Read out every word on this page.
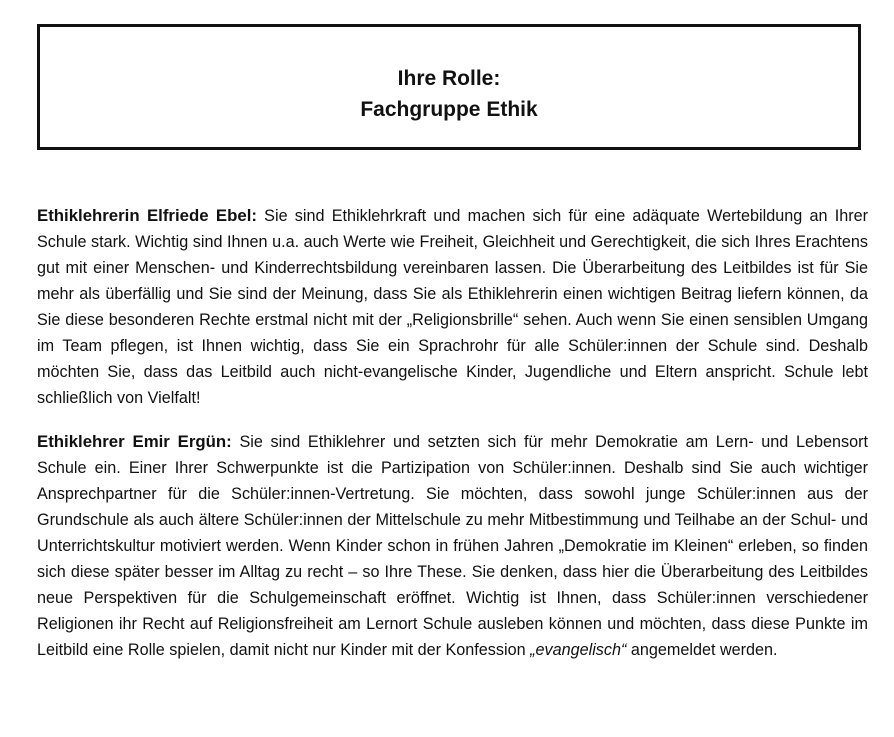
Ihre Rolle:
Fachgruppe Ethik
Ethiklehrerin Elfriede Ebel: Sie sind Ethiklehrkraft und machen sich für eine adäquate Wertebildung an Ihrer Schule stark. Wichtig sind Ihnen u.a. auch Werte wie Freiheit, Gleichheit und Gerechtigkeit, die sich Ihres Erachtens gut mit einer Menschen- und Kinderrechtsbildung vereinbaren lassen. Die Überarbeitung des Leitbildes ist für Sie mehr als überfällig und Sie sind der Meinung, dass Sie als Ethiklehrerin einen wichtigen Beitrag liefern können, da Sie diese besonderen Rechte erstmal nicht mit der „Religionsbrille“ sehen. Auch wenn Sie einen sensiblen Umgang im Team pflegen, ist Ihnen wichtig, dass Sie ein Sprachrohr für alle Schüler:innen der Schule sind. Deshalb möchten Sie, dass das Leitbild auch nicht-evangelische Kinder, Jugendliche und Eltern anspricht. Schule lebt schließlich von Vielfalt!
Ethiklehrer Emir Ergün: Sie sind Ethiklehrer und setzten sich für mehr Demokratie am Lern- und Lebensort Schule ein. Einer Ihrer Schwerpunkte ist die Partizipation von Schüler:innen. Deshalb sind Sie auch wichtiger Ansprechpartner für die Schüler:innen-Vertretung. Sie möchten, dass sowohl junge Schüler:innen aus der Grundschule als auch ältere Schüler:innen der Mittelschule zu mehr Mitbestimmung und Teilhabe an der Schul- und Unterrichtskultur motiviert werden. Wenn Kinder schon in frühen Jahren „Demokratie im Kleinen“ erleben, so finden sich diese später besser im Alltag zu recht – so Ihre These. Sie denken, dass hier die Überarbeitung des Leitbildes neue Perspektiven für die Schulgemeinschaft eröffnet. Wichtig ist Ihnen, dass Schüler:innen verschiedener Religionen ihr Recht auf Religionsfreiheit am Lernort Schule ausleben können und möchten, dass diese Punkte im Leitbild eine Rolle spielen, damit nicht nur Kinder mit der Konfession „evangelisch“ angemeldet werden.
